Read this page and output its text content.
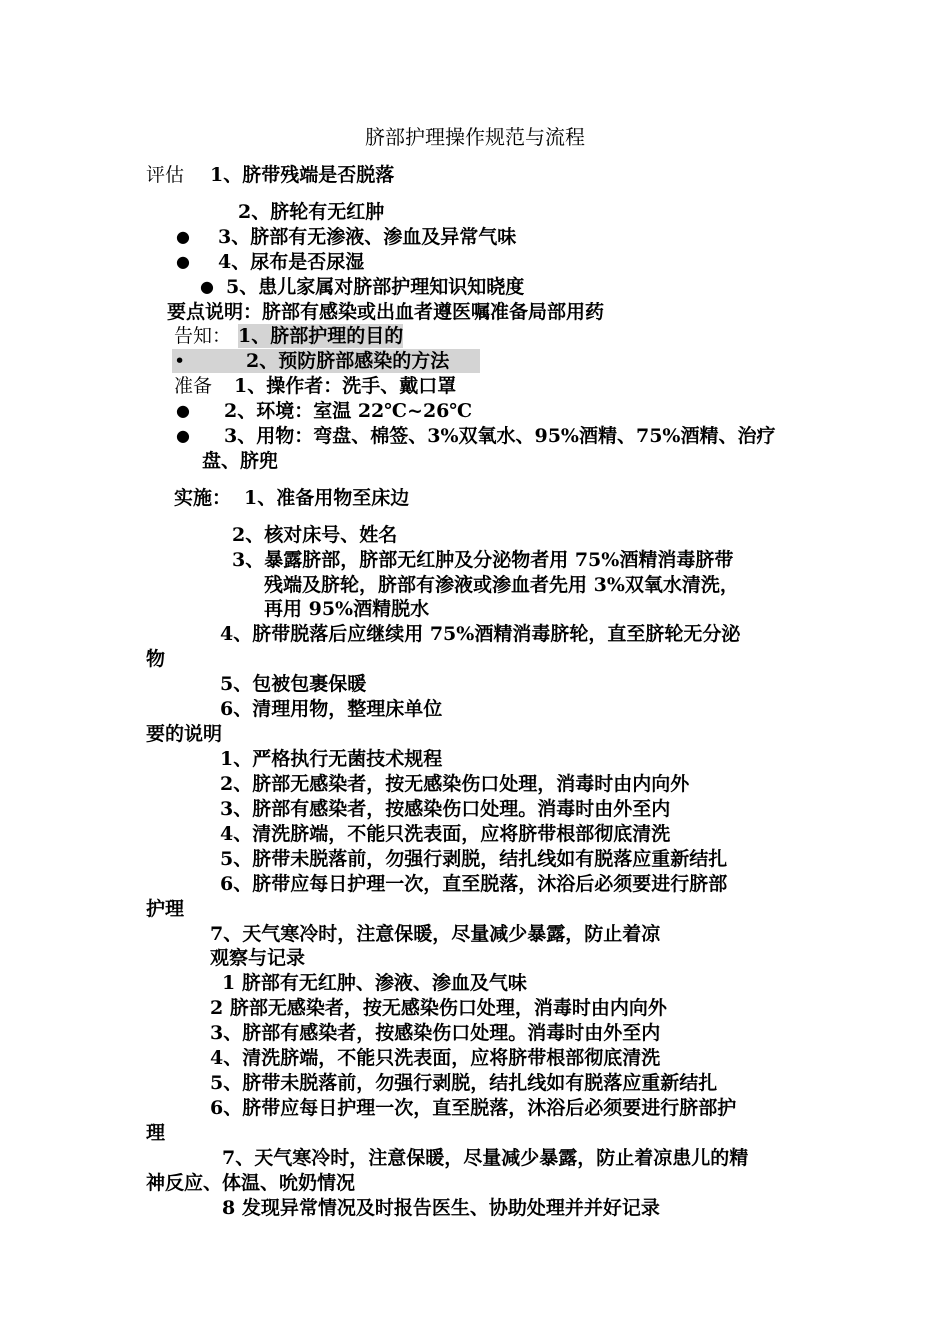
脐部护理操作规范与流程
评估 1、脐带残端是否脱落
2、脐轮有无红肿
● 3、脐部有无渗液、渗血及异常气味
● 4、尿布是否尿湿
● 5、患儿家属对脐部护理知识知晓度
要点说明：脐部有感染或出血者遵医嘱准备局部用药
告知： 1、脐部护理的目的
•	2、预防脐部感染的方法
准备 1、操作者：洗手、戴口罩
● 2、环境：室温 22℃~26℃
● 3、用物：弯盘、棉签、3%双氧水、95%酒精、75%酒精、治疗
盘、脐兜
实施： 1、准备用物至床边
2、核对床号、姓名
3、暴露脐部，脐部无红肿及分泌物者用 75%酒精消毒脐带
残端及脐轮，脐部有渗液或渗血者先用 3%双氧水清洗，
再用 95%酒精脱水
4、脐带脱落后应继续用 75%酒精消毒脐轮，直至脐轮无分泌
物
5、包被包裹保暖
6、清理用物，整理床单位
要的说明
1、严格执行无菌技术规程
2、脐部无感染者，按无感染伤口处理，消毒时由内向外
3、脐部有感染者，按感染伤口处理。消毒时由外至内
4、清洗脐端，不能只洗表面，应将脐带根部彻底清洗
5、脐带未脱落前，勿强行剥脱，结扎线如有脱落应重新结扎
6、脐带应每日护理一次，直至脱落，沐浴后必须要进行脐部
护理
7、天气寒冷时，注意保暖，尽量减少暴露，防止着凉
观察与记录
1 脐部有无红肿、渗液、渗血及气味
2 脐部无感染者，按无感染伤口处理，消毒时由内向外
3、脐部有感染者，按感染伤口处理。消毒时由外至内
4、清洗脐端，不能只洗表面，应将脐带根部彻底清洗
5、脐带未脱落前，勿强行剥脱，结扎线如有脱落应重新结扎
6、脐带应每日护理一次，直至脱落，沐浴后必须要进行脐部护
理
7、天气寒冷时，注意保暖，尽量减少暴露，防止着凉患儿的精
神反应、体温、吮奶情况
8 发现异常情况及时报告医生、协助处理并并好记录
